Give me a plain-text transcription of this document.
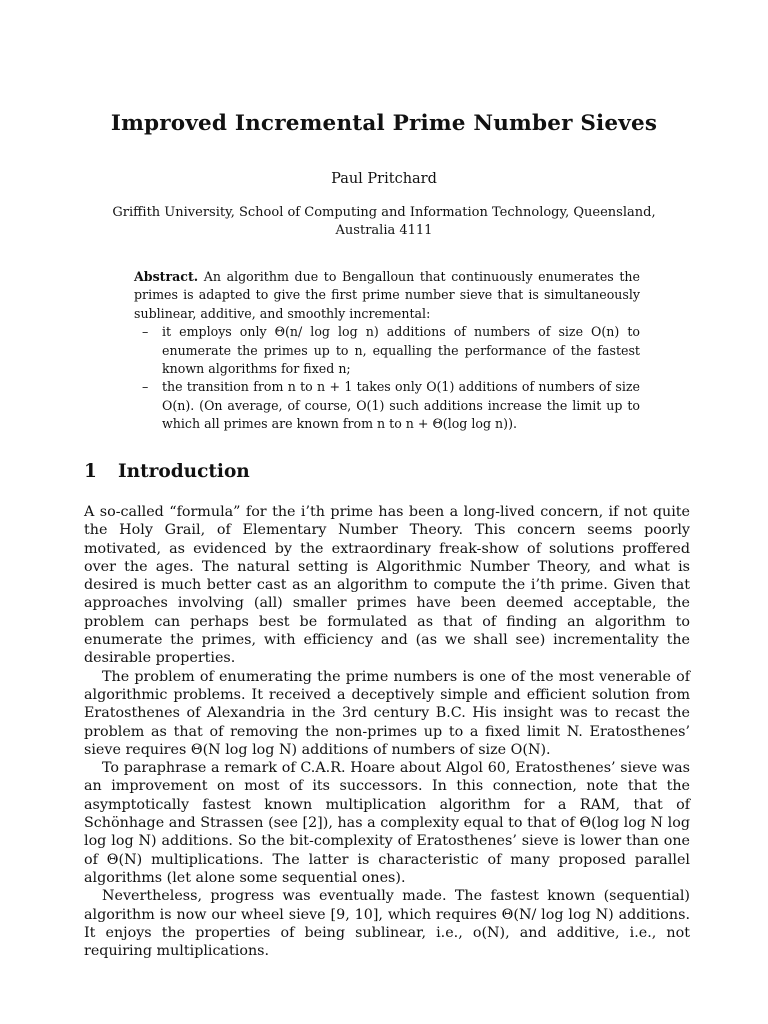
Improved Incremental Prime Number Sieves
Paul Pritchard
Griffith University, School of Computing and Information Technology, Queensland,
Australia 4111
Abstract. An algorithm due to Bengalloun that continuously enumerates the primes is adapted to give the first prime number sieve that is simultaneously sublinear, additive, and smoothly incremental:
– it employs only Θ(n/ log log n) additions of numbers of size O(n) to enumerate the primes up to n, equalling the performance of the fastest known algorithms for fixed n;
– the transition from n to n + 1 takes only O(1) additions of numbers of size O(n). (On average, of course, O(1) such additions increase the limit up to which all primes are known from n to n + Θ(log log n)).
1 Introduction

A so-called “formula” for the i’th prime has been a long-lived concern, if not quite the Holy Grail, of Elementary Number Theory. This concern seems poorly motivated, as evidenced by the extraordinary freak-show of solutions proffered over the ages. The natural setting is Algorithmic Number Theory, and what is desired is much better cast as an algorithm to compute the i’th prime. Given that approaches involving (all) smaller primes have been deemed acceptable, the problem can perhaps best be formulated as that of finding an algorithm to enumerate the primes, with efficiency and (as we shall see) incrementality the desirable properties.

The problem of enumerating the prime numbers is one of the most venerable of algorithmic problems. It received a deceptively simple and efficient solution from Eratosthenes of Alexandria in the 3rd century B.C. His insight was to recast the problem as that of removing the non-primes up to a fixed limit N. Eratosthenes’ sieve requires Θ(N log log N) additions of numbers of size O(N).

To paraphrase a remark of C.A.R. Hoare about Algol 60, Eratosthenes’ sieve was an improvement on most of its successors. In this connection, note that the asymptotically fastest known multiplication algorithm for a RAM, that of Schönhage and Strassen (see [2]), has a complexity equal to that of Θ(log log N log log log N) additions. So the bit-complexity of Eratosthenes’ sieve is lower than one of Θ(N) multiplications. The latter is characteristic of many proposed parallel algorithms (let alone some sequential ones).

Nevertheless, progress was eventually made. The fastest known (sequential) algorithm is now our wheel sieve [9, 10], which requires Θ(N/ log log N) additions. It enjoys the properties of being sublinear, i.e., o(N), and additive, i.e., not requiring multiplications.
